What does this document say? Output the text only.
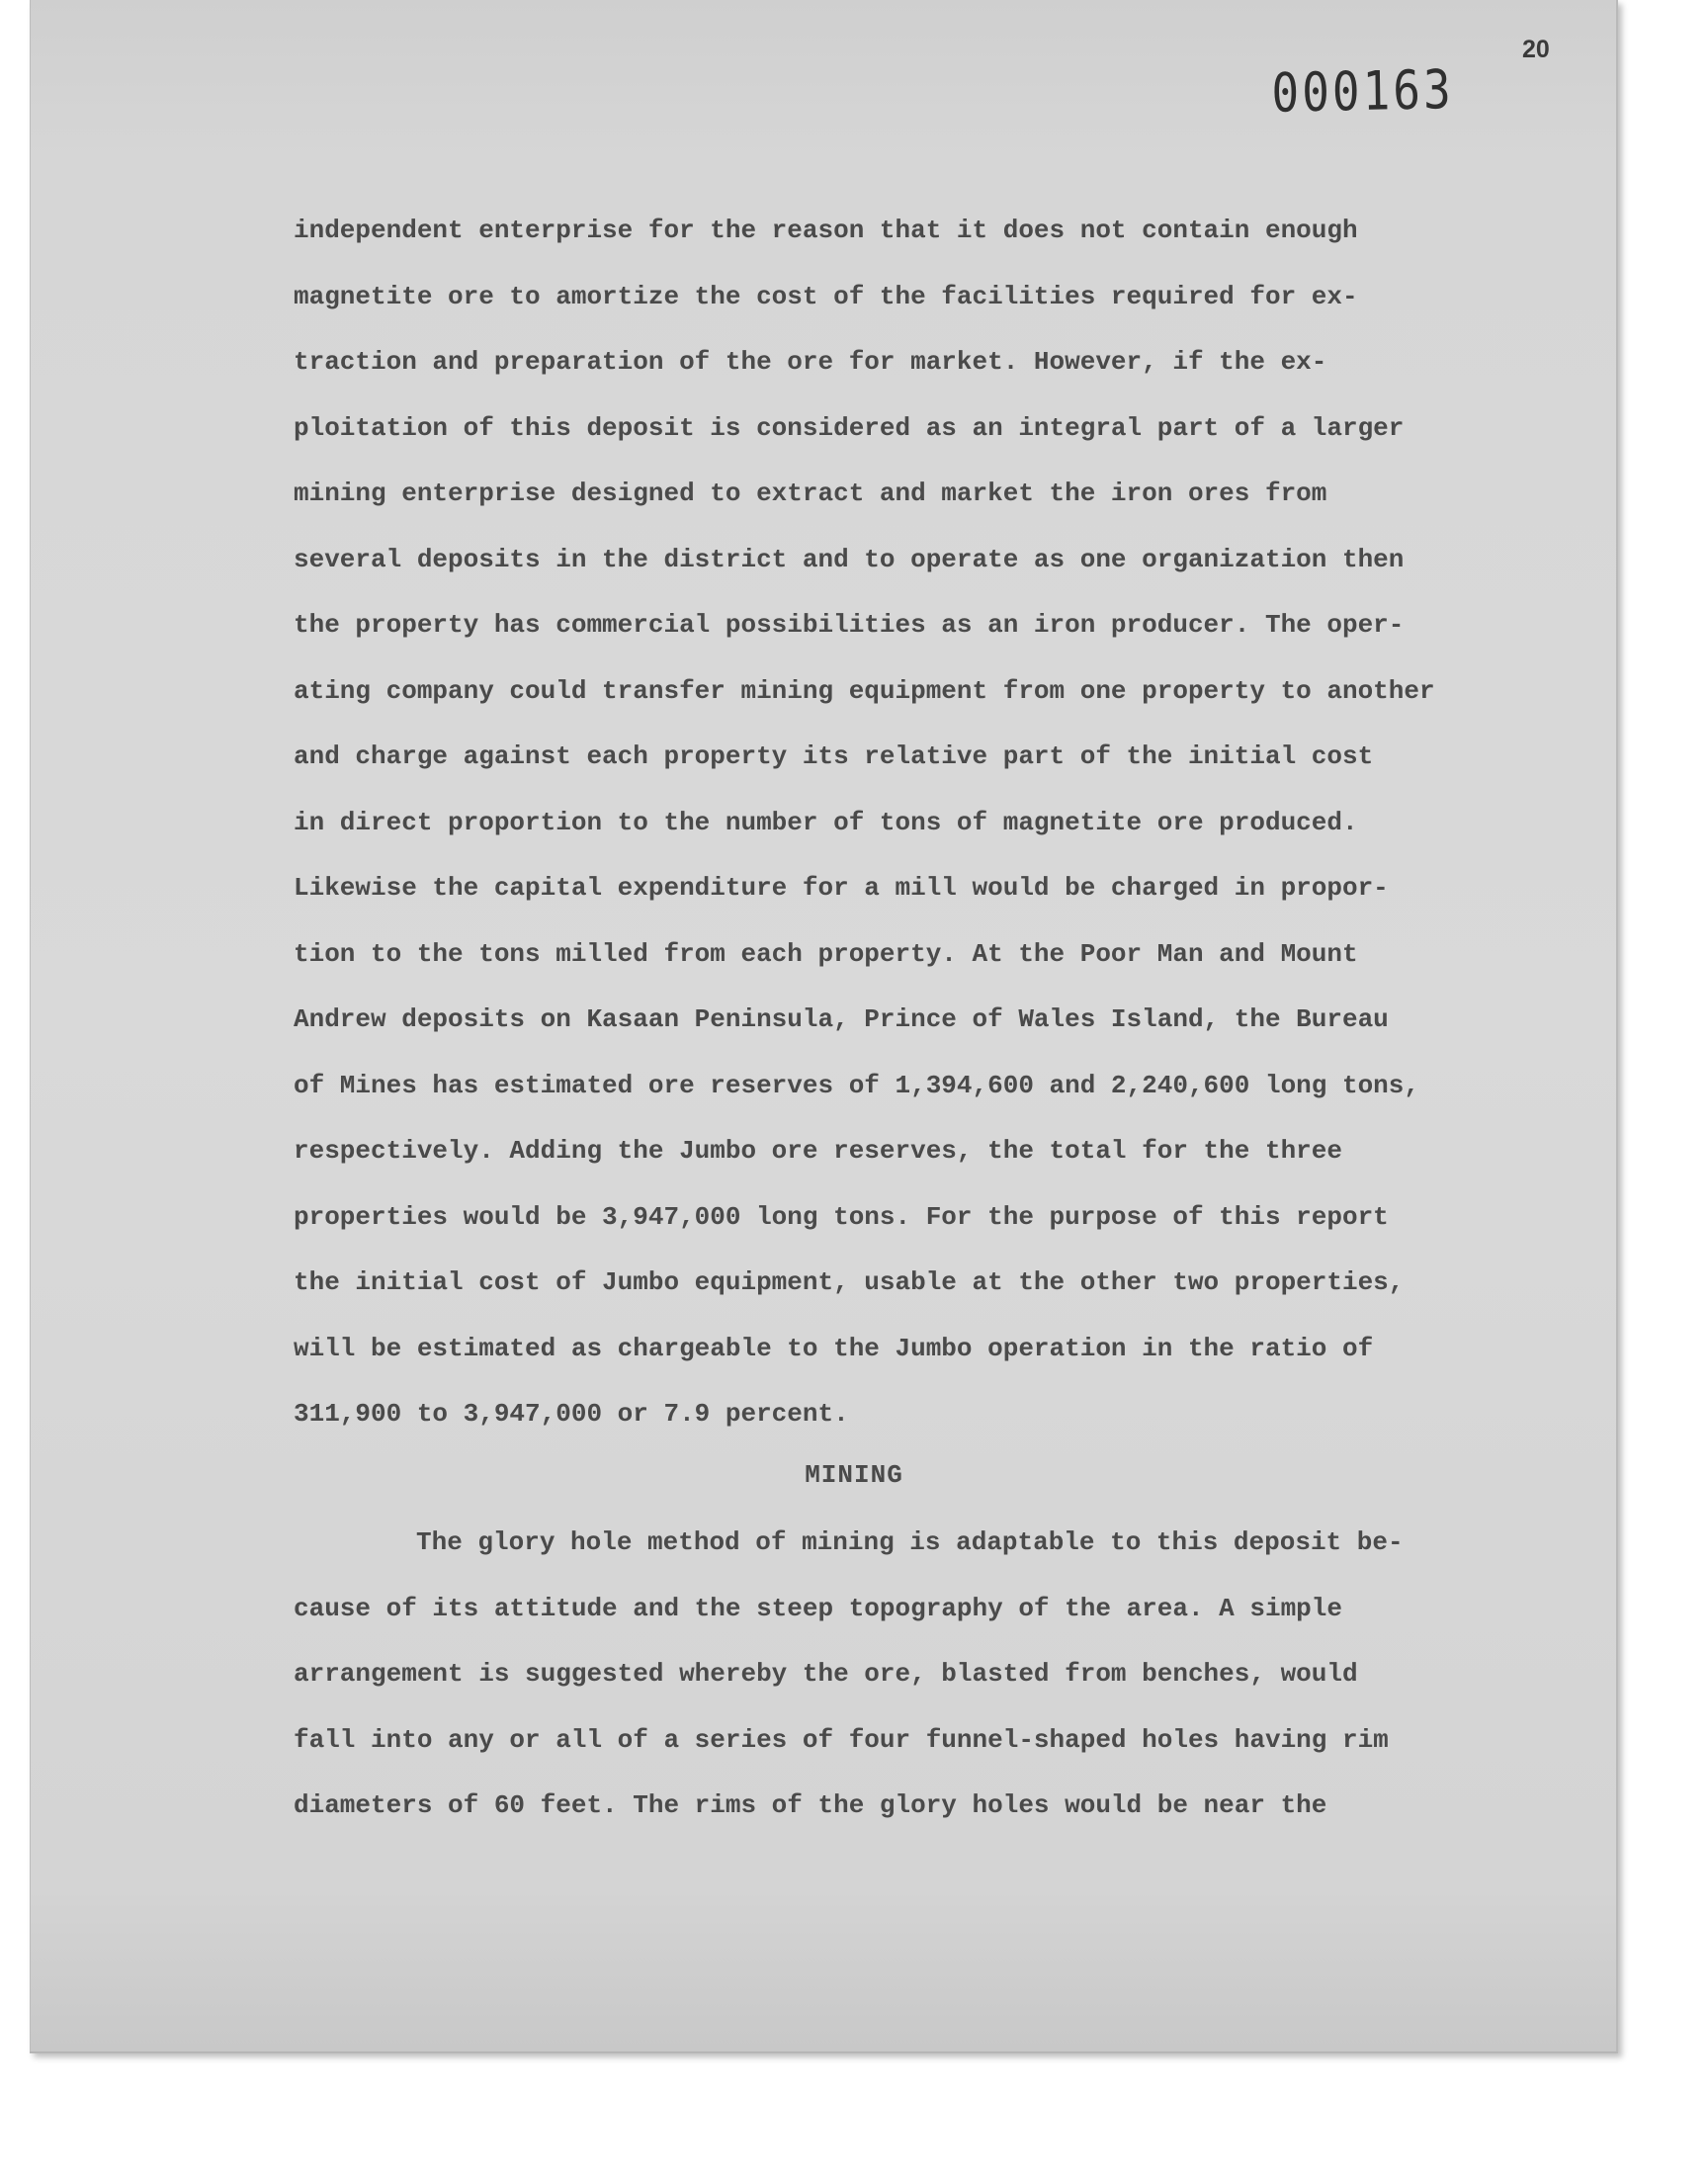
20
000163
independent enterprise for the reason that it does not contain enough
magnetite ore to amortize the cost of the facilities required for ex-
traction and preparation of the ore for market. However, if the ex-
ploitation of this deposit is considered as an integral part of a larger
mining enterprise designed to extract and market the iron ores from
several deposits in the district and to operate as one organization then
the property has commercial possibilities as an iron producer. The oper-
ating company could transfer mining equipment from one property to another
and charge against each property its relative part of the initial cost
in direct proportion to the number of tons of magnetite ore produced.
Likewise the capital expenditure for a mill would be charged in propor-
tion to the tons milled from each property. At the Poor Man and Mount
Andrew deposits on Kasaan Peninsula, Prince of Wales Island, the Bureau
of Mines has estimated ore reserves of 1,394,600 and 2,240,600 long tons,
respectively. Adding the Jumbo ore reserves, the total for the three
properties would be 3,947,000 long tons. For the purpose of this report
the initial cost of Jumbo equipment, usable at the other two properties,
will be estimated as chargeable to the Jumbo operation in the ratio of
311,900 to 3,947,000 or 7.9 percent.
MINING
The glory hole method of mining is adaptable to this deposit be-
cause of its attitude and the steep topography of the area. A simple
arrangement is suggested whereby the ore, blasted from benches, would
fall into any or all of a series of four funnel-shaped holes having rim
diameters of 60 feet. The rims of the glory holes would be near the
